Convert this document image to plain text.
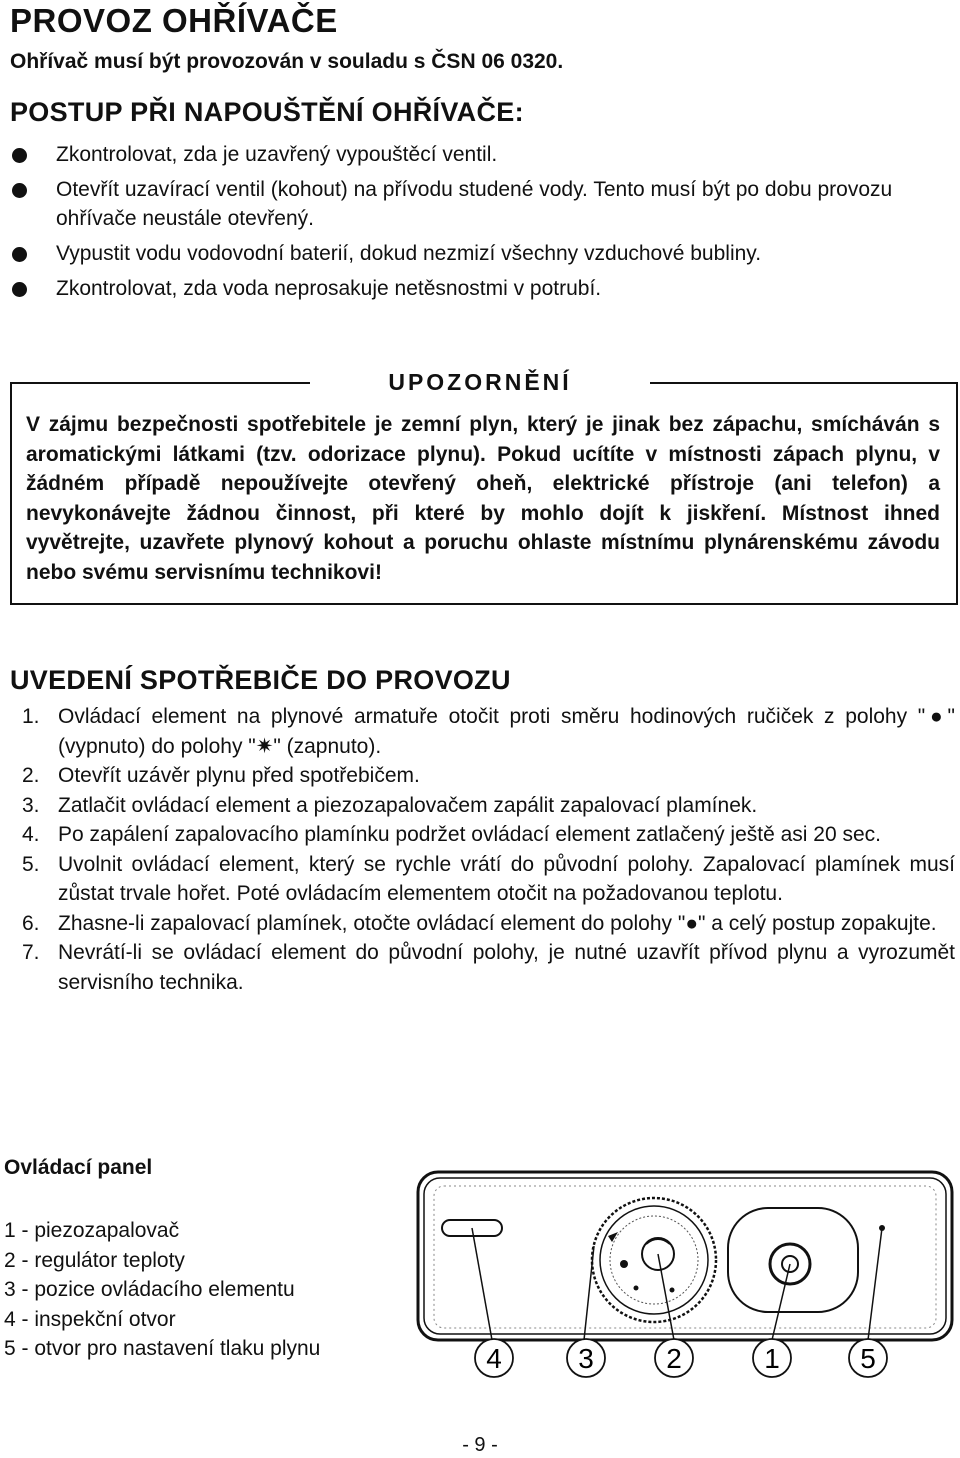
PROVOZ OHŘÍVAČE
Ohřívač musí být provozován v souladu s ČSN 06 0320.
POSTUP PŘI NAPOUŠTĚNÍ OHŘÍVAČE:
Zkontrolovat, zda je uzavřený vypouštěcí ventil.
Otevřít uzavírací ventil (kohout) na přívodu studené vody. Tento musí být po dobu provozu ohřívače neustále otevřený.
Vypustit vodu vodovodní baterií, dokud nezmizí všechny vzduchové bubliny.
Zkontrolovat, zda voda neprosakuje netěsnostmi v potrubí.
UPOZORNĚNÍ
V zájmu bezpečnosti spotřebitele je zemní plyn, který je jinak bez zápachu, smícháván s aromatickými látkami (tzv. odorizace plynu). Pokud ucítíte v místnosti zápach plynu, v žádném případě nepoužívejte otevřený oheň, elektrické přístroje (ani telefon) a nevykonávejte žádnou činnost, při které by mohlo dojít k jiskření. Místnost ihned vyvětrejte, uzavřete plynový kohout a poruchu ohlaste místnímu plynárenskému závodu nebo svému servisnímu technikovi!
UVEDENÍ SPOTŘEBIČE DO PROVOZU
1. Ovládací element na plynové armatuře otočit proti směru hodinových ručiček z polohy "●" (vypnuto) do polohy "✷" (zapnuto).
2. Otevřít uzávěr plynu před spotřebičem.
3. Zatlačit ovládací element a piezozapalovačem zapálit zapalovací plamínek.
4. Po zapálení zapalovacího plamínku podržet ovládací element zatlačený ještě asi 20 sec.
5. Uvolnit ovládací element, který se rychle vrátí do původní polohy. Zapalovací plamínek musí zůstat trvale hořet. Poté ovládacím elementem otočit na požadovanou teplotu.
6. Zhasne-li zapalovací plamínek, otočte ovládací element do polohy "●" a celý postup zopakujte.
7. Nevrátí-li se ovládací element do původní polohy, je nutné uzavřít přívod plynu a vyrozumět servisního technika.
Ovládací panel
1 - piezozapalovač
2 - regulátor teploty
3 - pozice ovládacího elementu
4 - inspekční otvor
5 - otvor pro nastavení tlaku plynu	4	3	2	1	5
- 9 -
